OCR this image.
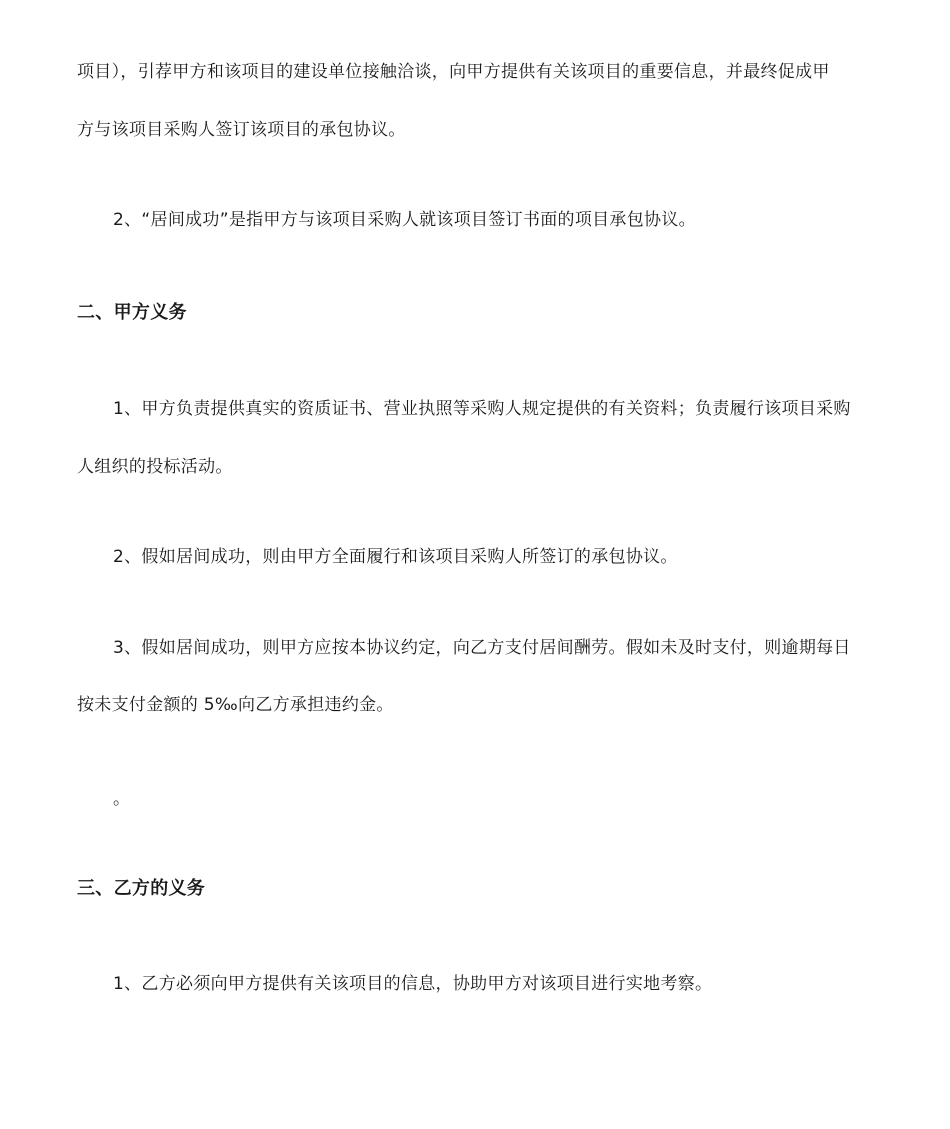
项目），引荐甲方和该项目的建设单位接触洽谈，向甲方提供有关该项目的重要信息，并最终促成甲
方与该项目采购人签订该项目的承包协议。
2、“居间成功”是指甲方与该项目采购人就该项目签订书面的项目承包协议。
二、甲方义务
1、甲方负责提供真实的资质证书、营业执照等采购人规定提供的有关资料；负责履行该项目采购
人组织的投标活动。
2、假如居间成功，则由甲方全面履行和该项目采购人所签订的承包协议。
3、假如居间成功，则甲方应按本协议约定，向乙方支付居间酬劳。假如未及时支付，则逾期每日
按未支付金额的 5‰向乙方承担违约金。
。
三、乙方的义务
1、乙方必须向甲方提供有关该项目的信息，协助甲方对该项目进行实地考察。
